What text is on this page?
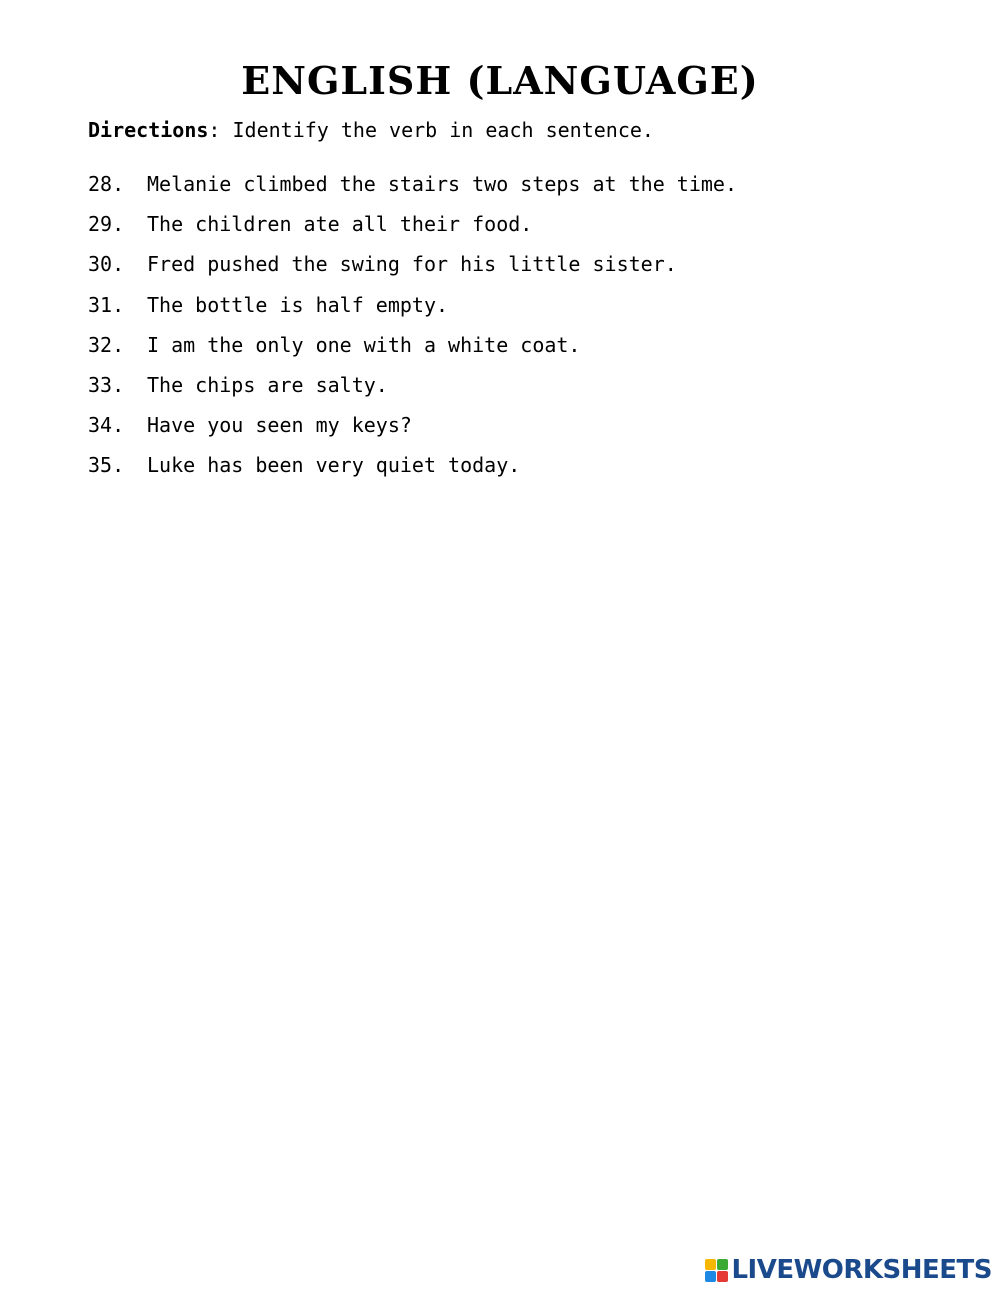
ENGLISH (LANGUAGE)
Directions: Identify the verb in each sentence.
28. Melanie climbed the stairs two steps at the time.
29. The children ate all their food.
30. Fred pushed the swing for his little sister.
31. The bottle is half empty.
32. I am the only one with a white coat.
33. The chips are salty.
34. Have you seen my keys?
35. Luke has been very quiet today.
LIVEWORKSHEETS
